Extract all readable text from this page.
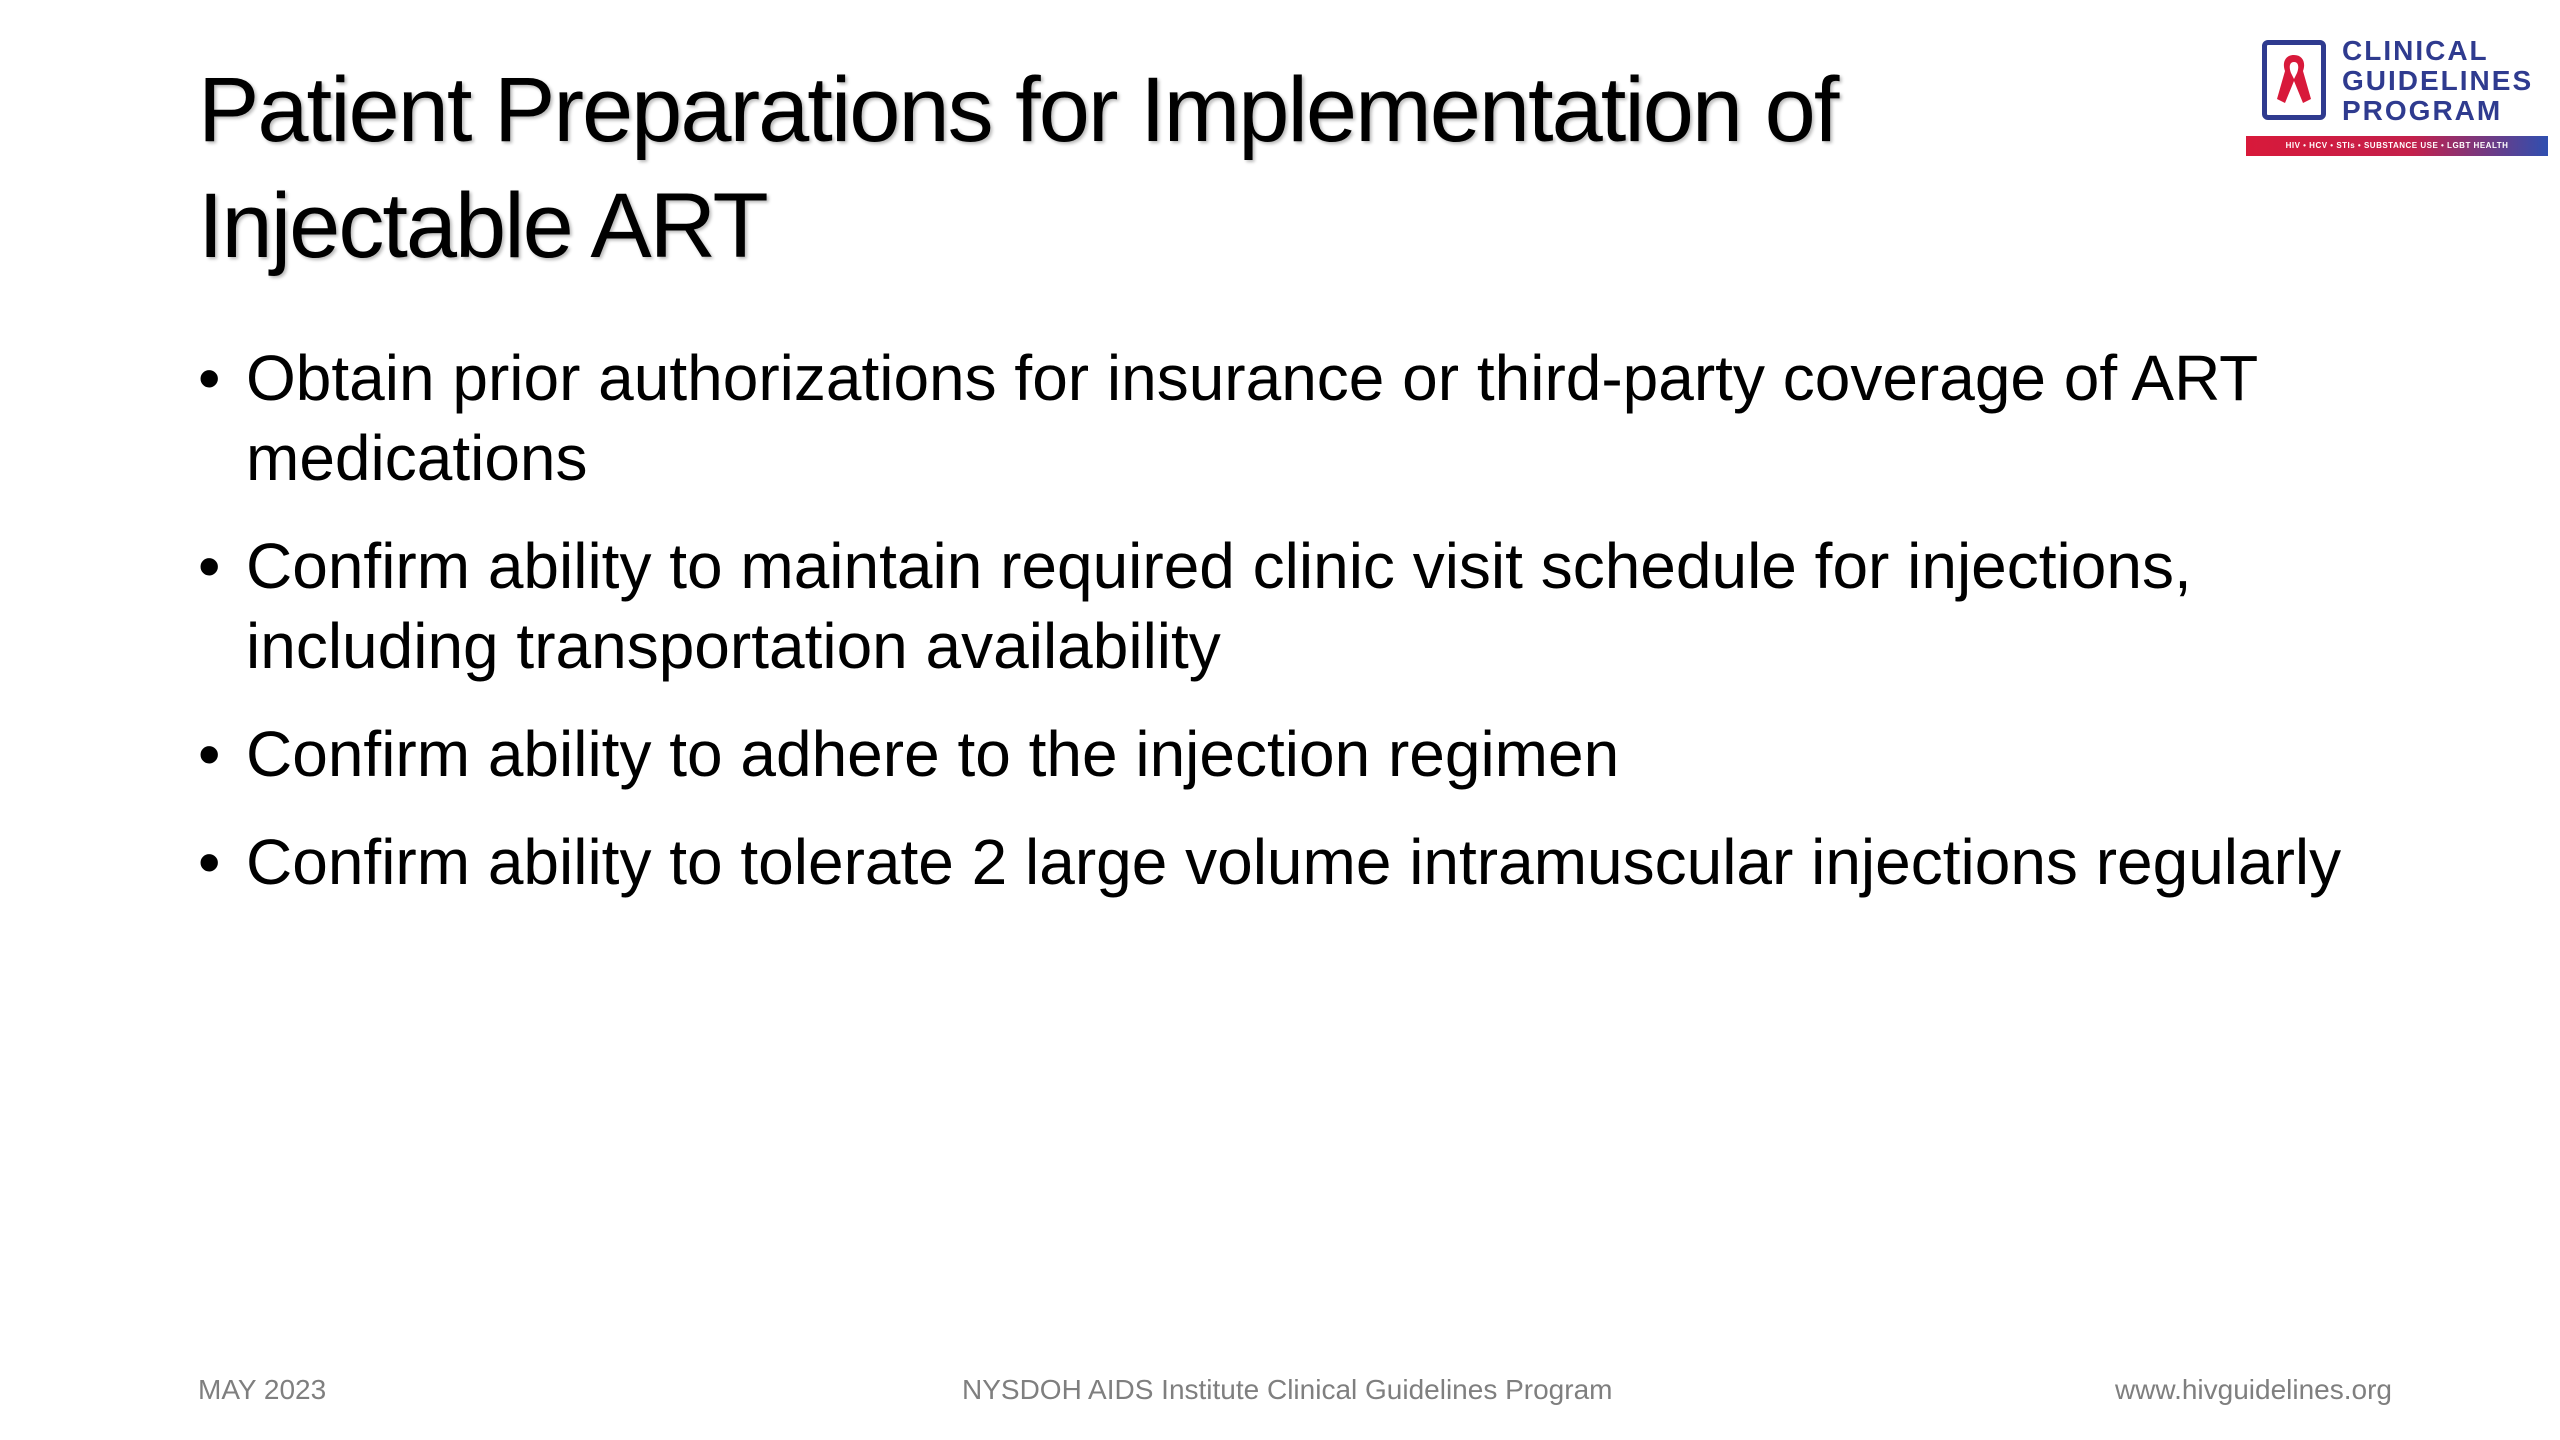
Patient Preparations for Implementation of Injectable ART
CLINICAL
GUIDELINES
PROGRAM
HIV • HCV • STIs • SUBSTANCE USE • LGBT HEALTH
• Obtain prior authorizations for insurance or third-party coverage of ART medications
• Confirm ability to maintain required clinic visit schedule for injections, including transportation availability
• Confirm ability to adhere to the injection regimen
• Confirm ability to tolerate 2 large volume intramuscular injections regularly
MAY 2023	NYSDOH AIDS Institute Clinical Guidelines Program	www.hivguidelines.org
